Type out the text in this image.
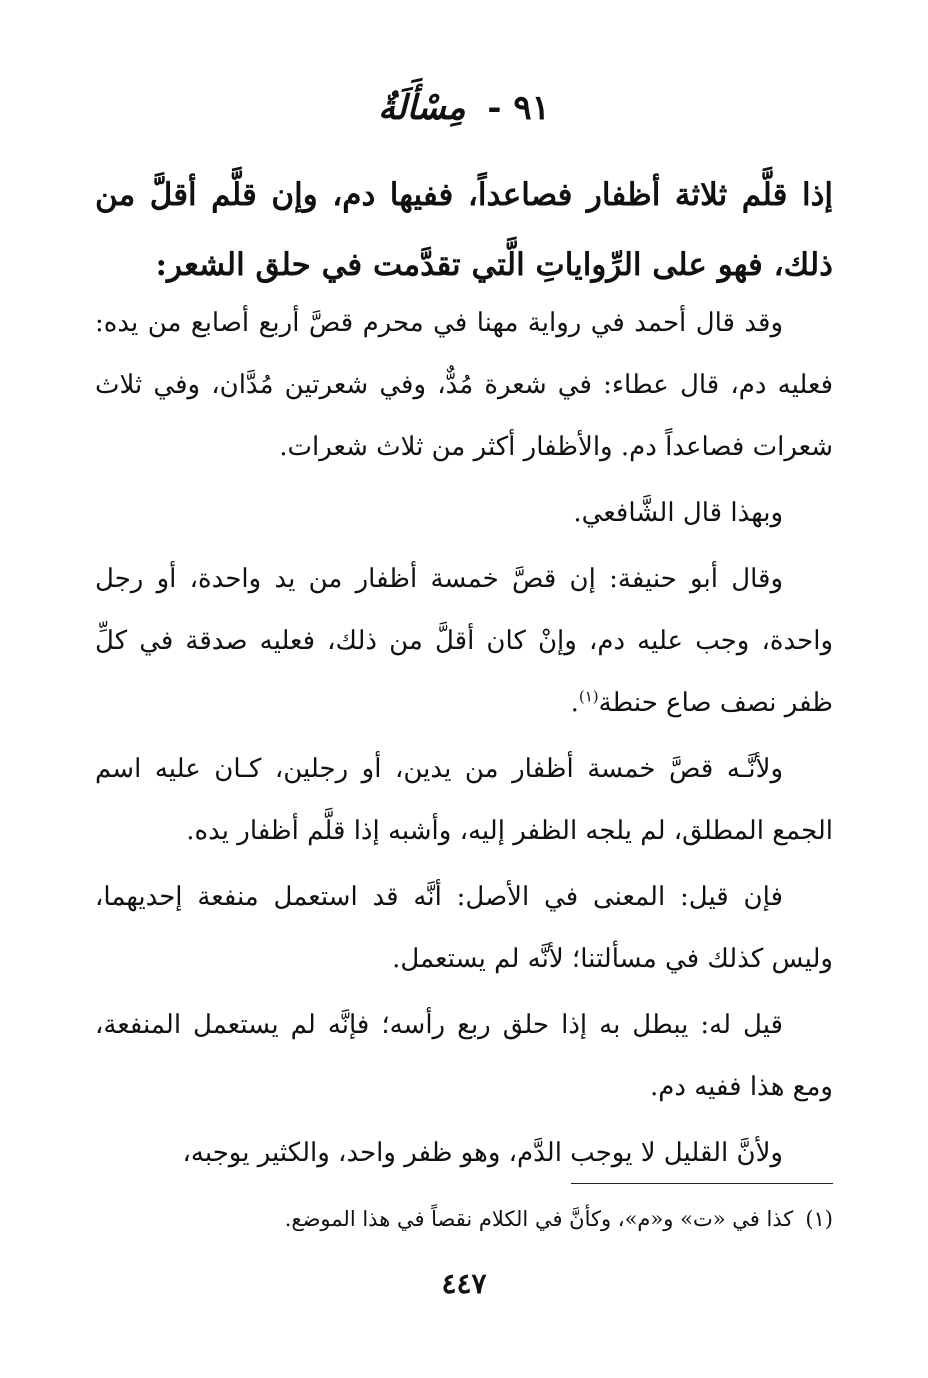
٩١ - مِسْأَلَةٌ
إذا قلَّم ثلاثة أظفار فصاعداً، ففيها دم، وإن قلَّم أقلَّ من ذلك، فهو على الرِّواياتِ الَّتي تقدَّمت في حلق الشعر:

وقد قال أحمد في رواية مهنا في محرم قصَّ أربع أصابع من يده: فعليه دم، قال عطاء: في شعرة مُدٌّ، وفي شعرتين مُدَّان، وفي ثلاث شعرات فصاعداً دم. والأظفار أكثر من ثلاث شعرات.

وبهذا قال الشَّافعي.

وقال أبو حنيفة: إن قصَّ خمسة أظفار من يد واحدة، أو رجل واحدة، وجب عليه دم، وإنْ كان أقلَّ من ذلك، فعليه صدقة في كلِّ ظفر نصف صاع حنطة$^{(١)}$.

ولأنَّـه قصَّ خمسة أظفار من يدين، أو رجلين، كـان عليه اسم الجمع المطلق، لم يلجه الظفر إليه، وأشبه إذا قلَّم أظفار يده.

فإن قيل: المعنى في الأصل: أنَّه قد استعمل منفعة إحديهما، وليس كذلك في مسألتنا؛ لأنَّه لم يستعمل.

قيل له: يبطل به إذا حلق ربع رأسه؛ فإنَّه لم يستعمل المنفعة، ومع هذا ففيه دم.

ولأنَّ القليل لا يوجب الدَّم، وهو ظفر واحد، والكثير يوجبه،

(١)كذا في «ت» و«م»، وكأنَّ في الكلام نقصاً في هذا الموضع.
٤٤٧
